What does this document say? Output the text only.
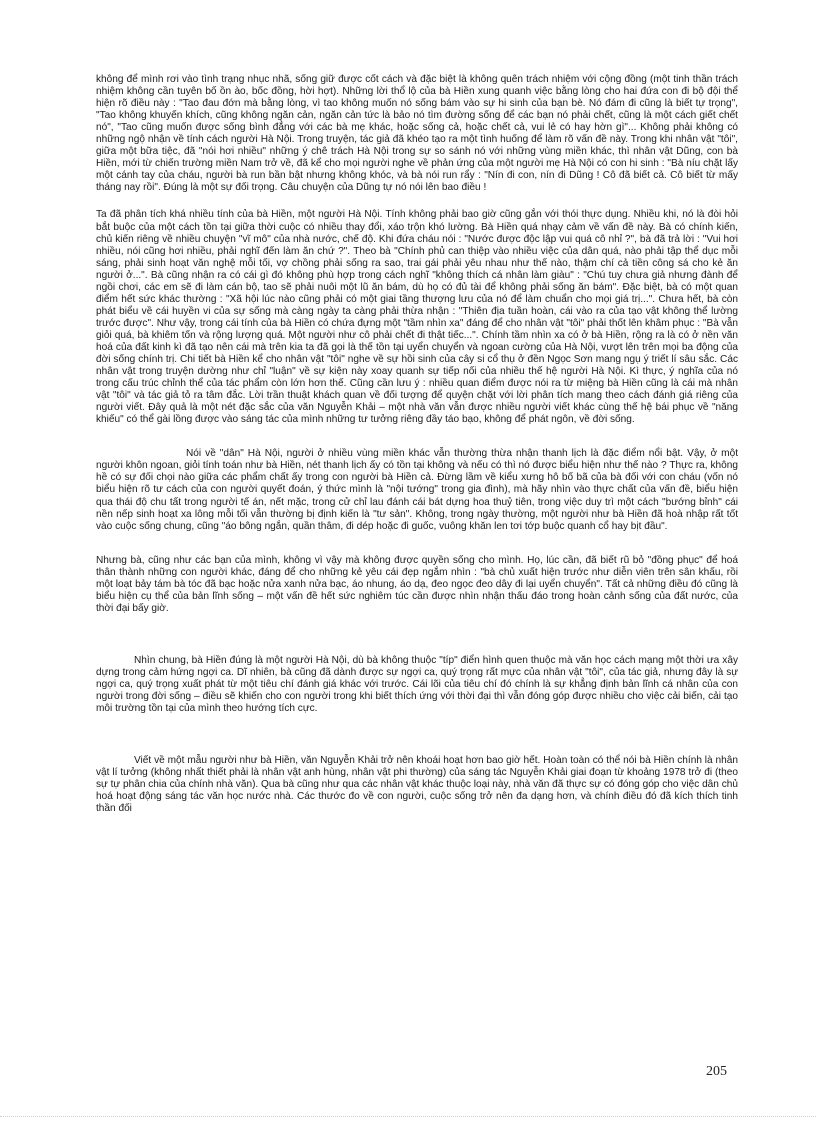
không để mình rơi vào tình trạng nhục nhã, sống giữ được cốt cách và đặc biệt là không quên trách nhiệm với cộng đồng (một tinh thần trách nhiệm không cần tuyên bố ồn ào, bốc đồng, hời hợt). Những lời thổ lộ của bà Hiền xung quanh việc bằng lòng cho hai đứa con đi bộ đội thể hiện rõ điều này : "Tao đau đớn mà bằng lòng, vì tao không muốn nó sống bám vào sự hi sinh của bạn bè. Nó đám đi cũng là biết tự trọng", "Tao không khuyến khích, cũng không ngăn cản, ngăn cản tức là bảo nó tìm đường sống để các bạn nó phải chết, cũng là một cách giết chết nó", "Tao cũng muốn được sống bình đẳng với các bà mẹ khác, hoặc sống cả, hoặc chết cả, vui lẻ có hay hờn gì"... Không phải không có những ngộ nhận về tính cách người Hà Nội. Trong truyện, tác giả đã khéo tạo ra một tình huống để làm rõ vấn đề này. Trong khi nhân vật "tôi", giữa một bữa tiệc, đã "nói hơi nhiều" những ý chê trách Hà Nội trong sự so sánh nó với những vùng miền khác, thì nhân vật Dũng, con bà Hiền, mới từ chiến trường miền Nam trở về, đã kể cho mọi người nghe về phản ứng của một người mẹ Hà Nội có con hi sinh : "Bà níu chặt lấy một cánh tay của cháu, người bà run bần bật nhưng không khóc, và bà nói run rẩy : "Nín đi con, nín đi Dũng ! Cô đã biết cả. Cô biết từ mấy tháng nay rồi". Đúng là một sự đối trọng. Câu chuyện của Dũng tự nó nói lên bao điều !

Ta đã phân tích khá nhiều tính của bà Hiền, một người Hà Nội. Tính không phải bao giờ cũng gắn với thói thực dụng. Nhiều khi, nó là đòi hỏi bắt buộc của một cách tồn tại giữa thời cuộc có nhiều thay đổi, xáo trộn khó lường. Bà Hiền quá nhạy cảm về vấn đề này. Bà có chính kiến, chủ kiến riêng về nhiều chuyện "vĩ mô" của nhà nước, chế độ. Khi đứa cháu nói : "Nước được độc lập vui quá cô nhỉ ?", bà đã trả lời : "Vui hơi nhiều, nói cũng hơi nhiều, phải nghĩ đến làm ăn chứ ?". Theo bà "Chính phủ can thiệp vào nhiều việc của dân quá, nào phải tập thể dục mỗi sáng, phải sinh hoạt văn nghệ mỗi tối, vợ chồng phải sống ra sao, trai gái phải yêu nhau như thế nào, thậm chí cả tiền công sá cho kẻ ăn người ở...". Bà cũng nhận ra có cái gì đó không phù hợp trong cách nghĩ "không thích cá nhân làm giàu" : "Chú tuy chưa giả nhưng đành để ngồi chơi, các em sẽ đi làm cán bộ, tao sẽ phải nuôi một lũ ăn bám, dù họ có đủ tài để không phải sống ăn bám". Đặc biệt, bà có một quan điểm hết sức khác thường : "Xã hội lúc nào cũng phải có một giai tầng thượng lưu của nó để làm chuẩn cho mọi giá trị...". Chưa hết, bà còn phát biểu về cái huyền vi của sự sống mà càng ngày ta càng phải thừa nhận : "Thiên địa tuần hoàn, cái vào ra của tạo vật không thể lường trước được". Như vậy, trong cái tính của bà Hiền có chứa đựng một "tầm nhìn xa" đáng để cho nhân vật "tôi" phải thốt lên khâm phục : "Bà vẫn giỏi quá, bà khiêm tốn và rộng lượng quá. Một người như cô phải chết đi thật tiếc...". Chính tầm nhìn xa có ở bà Hiền, rộng ra là có ở nền văn hoá của đất kinh kì đã tạo nên cái mà trên kia ta đã gọi là thế tồn tại uyển chuyển và ngoan cường của Hà Nội, vượt lên trên mọi ba động của đời sống chính trị. Chi tiết bà Hiền kể cho nhân vật "tôi" nghe về sự hồi sinh của cây si cổ thụ ở đền Ngọc Sơn mang ngụ ý triết lí sâu sắc. Các nhân vật trong truyện dường như chỉ "luận" về sự kiện này xoay quanh sự tiếp nối của nhiều thế hệ người Hà Nội. Kì thực, ý nghĩa của nó trong cấu trúc chỉnh thể của tác phẩm còn lớn hơn thế. Cũng cần lưu ý : nhiều quan điểm được nói ra từ miệng bà Hiền cũng là cái mà nhân vật "tôi" và tác giả tỏ ra tâm đắc. Lời trần thuật khách quan về đối tượng để quyện chặt với lời phân tích mang theo cách đánh giá riêng của người viết. Đây quả là một nét đặc sắc của văn Nguyễn Khải – một nhà văn vẫn được nhiều người viết khác cùng thế hệ bái phục về "năng khiếu" có thể gài lồng được vào sáng tác của mình những tư tưởng riêng đầy táo bạo, không để phát ngôn, về đời sống.

Nói về "dân" Hà Nội, người ở nhiều vùng miền khác vẫn thường thừa nhận thanh lịch là đặc điểm nổi bật. Vậy, ở một người khôn ngoan, giỏi tính toán như bà Hiền, nét thanh lịch ấy có tồn tại không và nếu có thì nó được biểu hiện như thế nào ? Thực ra, không hề có sự đối chọi nào giữa các phẩm chất ấy trong con người bà Hiền cả. Đừng lầm về kiểu xưng hô bố bã của bà đối với con cháu (vốn nó biểu hiện rõ tư cách của con người quyết đoán, ý thức mình là "nội tướng" trong gia đình), mà hãy nhìn vào thực chất của vấn đề, biểu hiện qua thái độ chu tất trong người tế án, nết mặc, trong cử chỉ lau đánh cái bát dựng hoa thuỷ tiên, trong việc duy trì một cách "bướng bỉnh" cái nền nếp sinh hoạt xa lông mỗi tối vẫn thường bị định kiến là "tư sản". Không, trong ngày thường, một người như bà Hiền đã hoà nhập rất tốt vào cuộc sống chung, cũng "áo bông ngắn, quần thâm, đi dép hoặc đi guốc, vuông khăn len tơi tớp buộc quanh cổ hay bịt đầu".

Nhưng bà, cũng như các bạn của mình, không vì vậy mà không được quyền sống cho mình. Họ, lúc cần, đã biết rũ bỏ "đồng phục" để hoá thân thành những con người khác, đáng để cho những kẻ yêu cái đẹp ngắm nhìn : "bà chủ xuất hiện trước như diễn viên trên sân khấu, rồi một loạt bảy tám bà tóc đã bạc hoặc nửa xanh nửa bạc, áo nhung, áo dạ, đeo ngọc đeo dây đi lại uyển chuyển". Tất cả những điều đó cũng là biểu hiện cụ thể của bản lĩnh sống – một vấn đề hết sức nghiêm túc cần được nhìn nhận thấu đáo trong hoàn cảnh sống của đất nước, của thời đại bấy giờ.

Nhìn chung, bà Hiền đúng là một người Hà Nội, dù bà không thuộc "típ" điển hình quen thuộc mà văn học cách mạng một thời ưa xây dựng trong cảm hứng ngợi ca. Dĩ nhiên, bà cũng đã dành được sự ngợi ca, quý trọng rất mực của nhân vật "tôi", của tác giả, nhưng đây là sự ngợi ca, quý trọng xuất phát từ một tiêu chí đánh giá khác với trước. Cái lõi của tiêu chí đó chính là sự khẳng định bản lĩnh cá nhân của con người trong đời sống – điều sẽ khiến cho con người trong khi biết thích ứng với thời đại thì vẫn đóng góp được nhiều cho việc cải biến, cải tạo môi trường tồn tại của mình theo hướng tích cực.

Viết về một mẫu người như bà Hiền, văn Nguyễn Khải trở nên khoái hoạt hơn bao giờ hết. Hoàn toàn có thể nói bà Hiền chính là nhân vật lí tưởng (không nhất thiết phải là nhân vật anh hùng, nhân vật phi thường) của sáng tác Nguyễn Khải giai đoạn từ khoảng 1978 trở đi (theo sự tự phân chia của chính nhà văn). Qua bà cũng như qua các nhân vật khác thuộc loại này, nhà văn đã thực sự có đóng góp cho việc dân chủ hoá hoạt động sáng tác văn học nước nhà. Các thước đo về con người, cuộc sống trở nên đa dạng hơn, và chính điều đó đã kích thích tinh thần đối

205
